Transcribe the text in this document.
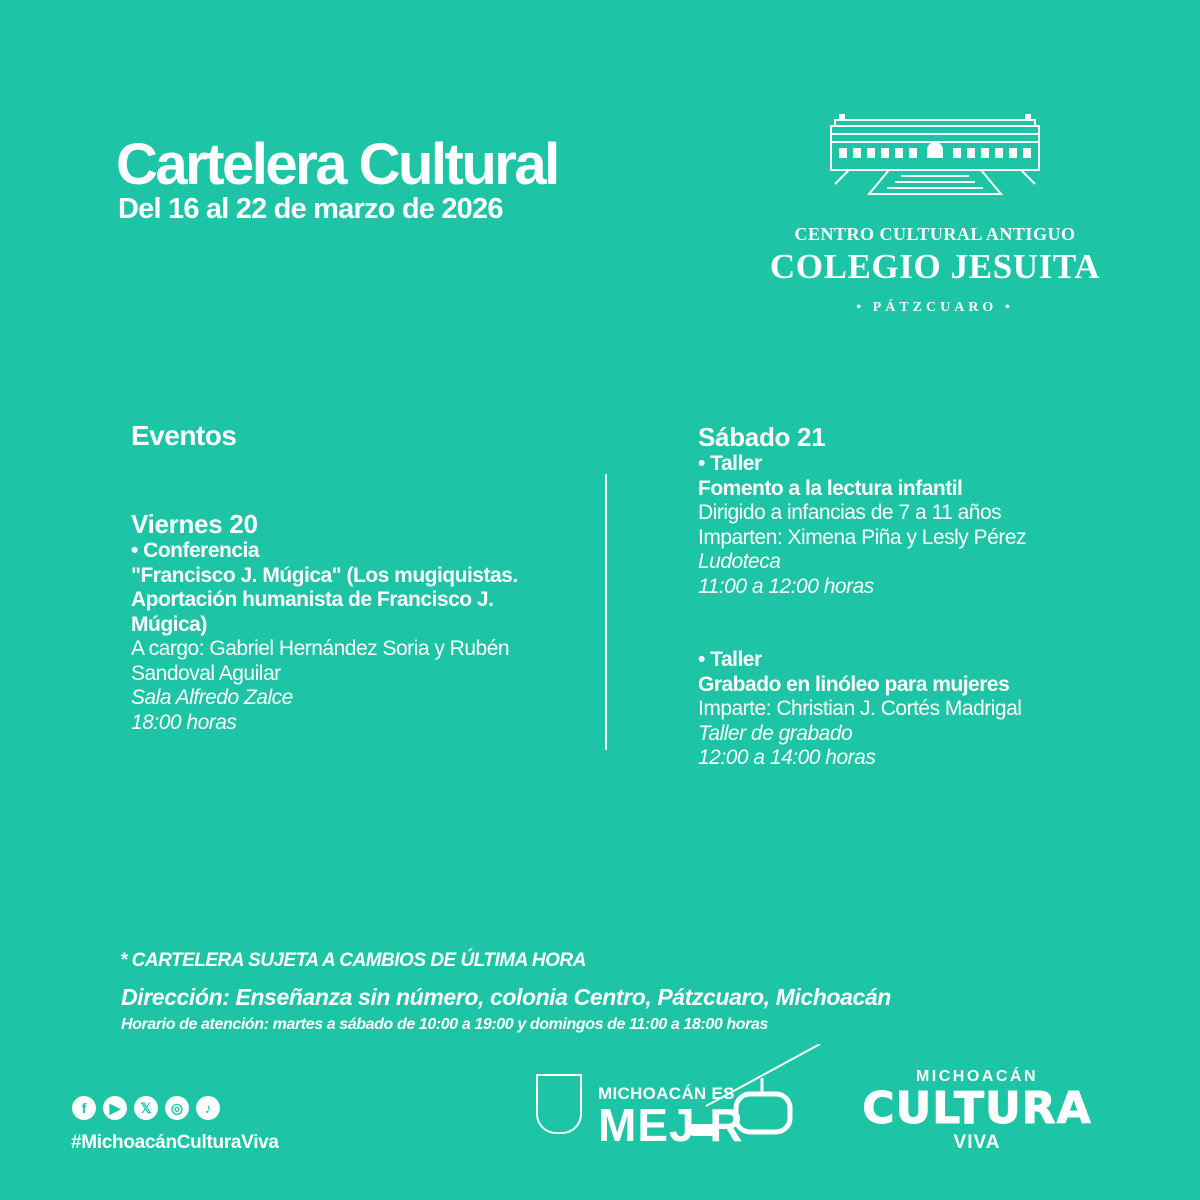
Cartelera Cultural
Del 16 al 22 de marzo de 2026
CENTRO CULTURAL ANTIGUO
COLEGIO JESUITA
• PÁTZCUARO •
Eventos
Viernes 20
• Conferencia
"Francisco J. Múgica" (Los mugiquistas. Aportación humanista de Francisco J. Múgica)
A cargo: Gabriel Hernández Soria y Rubén Sandoval Aguilar
Sala Alfredo Zalce
18:00 horas
Sábado 21
• Taller
Fomento a la lectura infantil
Dirigido a infancias de 7 a 11 años
Imparten: Ximena Piña y Lesly Pérez
Ludoteca
11:00 a 12:00 horas
• Taller
Grabado en linóleo para mujeres
Imparte: Christian J. Cortés Madrigal
Taller de grabado
12:00 a 14:00 horas
* CARTELERA SUJETA A CAMBIOS DE ÚLTIMA HORA
Dirección: Enseñanza sin número, colonia Centro, Pátzcuaro, Michoacán
Horario de atención: martes a sábado de 10:00 a 19:00 y domingos de 11:00 a 18:00 horas
f	▶	𝕏	◎	♪
#MichoacánCulturaViva
MICHOACÁN ES
MEJ R
MICHOACÁN
CULTURA
VIVA
